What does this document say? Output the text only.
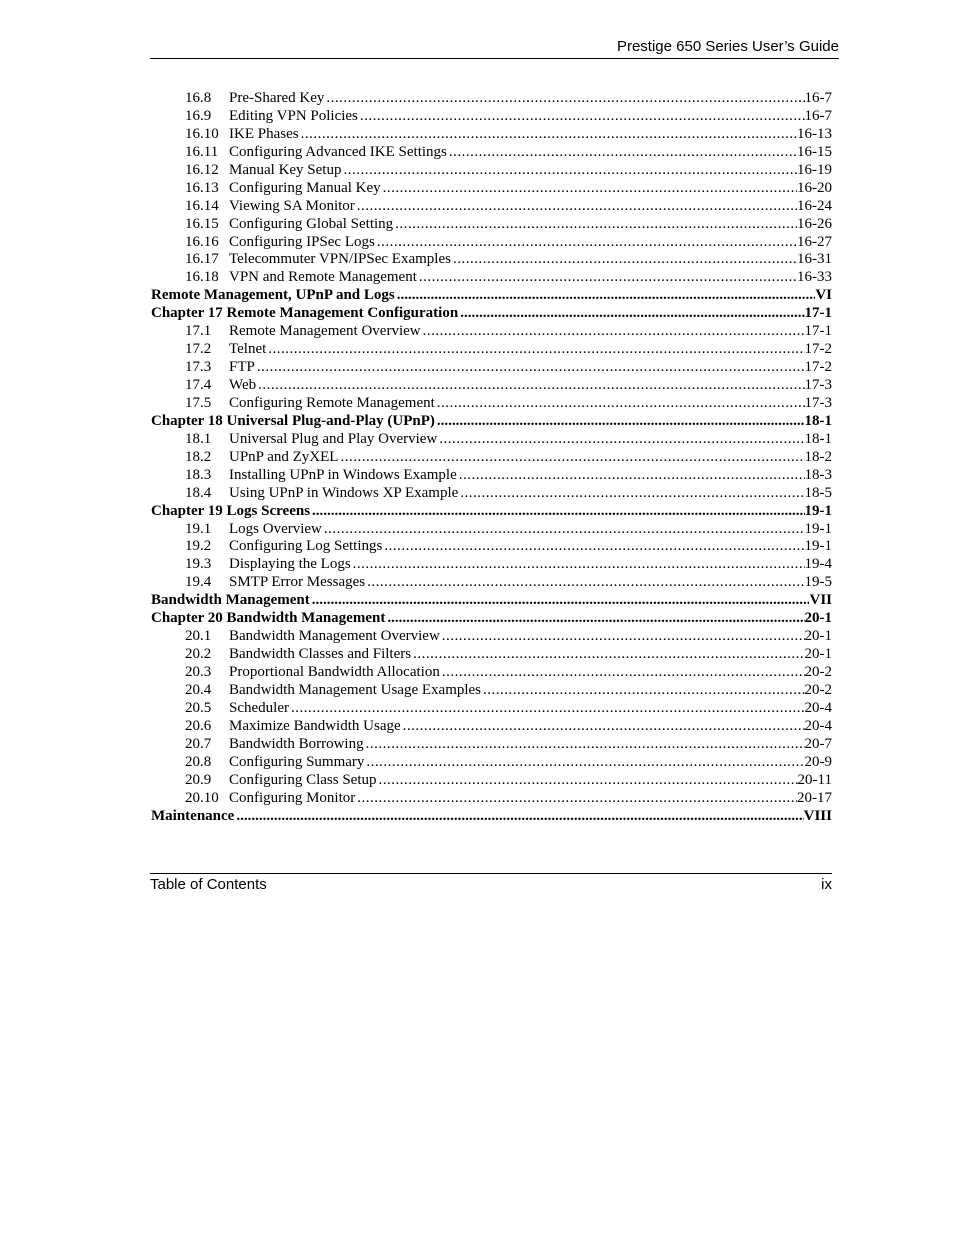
Prestige 650 Series User’s Guide
16.8	Pre-Shared Key .....	16-7
16.9	Editing VPN Policies .....	16-7
16.10 IKE Phases .....	16-13
16.11 Configuring Advanced IKE Settings .....	16-15
16.12 Manual Key Setup .....	16-19
16.13 Configuring Manual Key .....	16-20
16.14 Viewing SA Monitor .....	16-24
16.15 Configuring Global Setting .....	16-26
16.16 Configuring IPSec Logs .....	16-27
16.17 Telecommuter VPN/IPSec Examples .....	16-31
16.18 VPN and Remote Management .....	16-33
Remote Management, UPnP and Logs .....	VI
Chapter 17 Remote Management Configuration .....	17-1
17.1	Remote Management Overview .....	17-1
17.2	Telnet .....	17-2
17.3	FTP .....	17-2
17.4	Web .....	17-3
17.5	Configuring Remote Management .....	17-3
Chapter 18 Universal Plug-and-Play (UPnP) .....	18-1
18.1	Universal Plug and Play Overview .....	18-1
18.2	UPnP and ZyXEL .....	18-2
18.3	Installing UPnP in Windows Example .....	18-3
18.4	Using UPnP in Windows XP Example .....	18-5
Chapter 19 Logs Screens .....	19-1
19.1	Logs Overview .....	19-1
19.2	Configuring Log Settings .....	19-1
19.3	Displaying the Logs .....	19-4
19.4	SMTP Error Messages .....	19-5
Bandwidth Management .....	VII
Chapter 20 Bandwidth Management .....	20-1
20.1	Bandwidth Management Overview .....	20-1
20.2	Bandwidth Classes and Filters .....	20-1
20.3	Proportional Bandwidth Allocation .....	20-2
20.4	Bandwidth Management Usage Examples .....	20-2
20.5	Scheduler .....	20-4
20.6	Maximize Bandwidth Usage .....	20-4
20.7	Bandwidth Borrowing .....	20-7
20.8	Configuring Summary .....	20-9
20.9	Configuring Class Setup .....	20-11
20.10 Configuring Monitor .....	20-17
Maintenance .....	VIII
Table of Contents	ix
